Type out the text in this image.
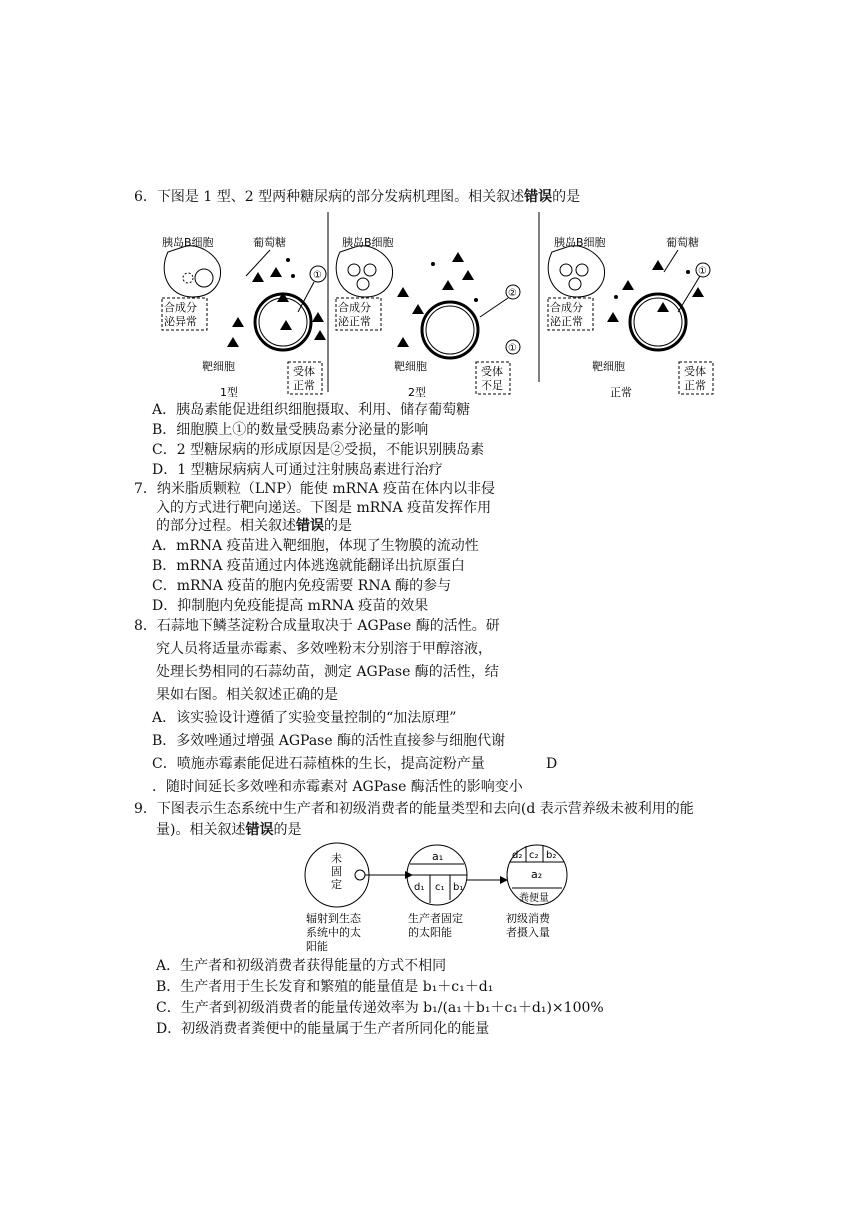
6．下图是 1 型、2 型两种糖尿病的部分发病机理图。相关叙述错误的是
胰岛B细胞
合成分
泌异常
葡萄糖
①
靶细胞	受体
正常
1型
胰岛B细胞
合成分
泌正常
②
①
靶细胞	受体
不足
2型
胰岛B细胞
合成分
泌正常
葡萄糖
①
靶细胞	受体
正常
正常
A．胰岛素能促进组织细胞摄取、利用、储存葡萄糖
B．细胞膜上①的数量受胰岛素分泌量的影响
C．2 型糖尿病的形成原因是②受损，不能识别胰岛素
D．1 型糖尿病病人可通过注射胰岛素进行治疗
7．纳米脂质颗粒（LNP）能使 mRNA 疫苗在体内以非侵
入的方式进行靶向递送。下图是 mRNA 疫苗发挥作用
的部分过程。相关叙述错误的是
A．mRNA 疫苗进入靶细胞，体现了生物膜的流动性
B．mRNA 疫苗通过内体逃逸就能翻译出抗原蛋白
C．mRNA 疫苗的胞内免疫需要 RNA 酶的参与
D．抑制胞内免疫能提高 mRNA 疫苗的效果
8．石蒜地下鳞茎淀粉合成量取决于 AGPase 酶的活性。研
究人员将适量赤霉素、多效唑粉末分别溶于甲醇溶液，
处理长势相同的石蒜幼苗，测定 AGPase 酶的活性，结
果如右图。相关叙述正确的是
A．该实验设计遵循了实验变量控制的“加法原理”
B．多效唑通过增强 AGPase 酶的活性直接参与细胞代谢
C．喷施赤霉素能促进石蒜植株的生长，提高淀粉产量	D
．随时间延长多效唑和赤霉素对 AGPase 酶活性的影响变小
9．下图表示生态系统中生产者和初级消费者的能量类型和去向(d 表示营养级未被利用的能
量)。相关叙述错误的是
未
固
定
辐射到生态
系统中的太
阳能
a₁
d₁ c₁ b₁
生产者固定
的太阳能
d₂ c₂ b₂
a₂
粪便量
初级消费
者摄入量
A．生产者和初级消费者获得能量的方式不相同
B．生产者用于生长发育和繁殖的能量值是 b₁＋c₁＋d₁
C．生产者到初级消费者的能量传递效率为 b₁/(a₁＋b₁＋c₁＋d₁)×100%
D．初级消费者粪便中的能量属于生产者所同化的能量
